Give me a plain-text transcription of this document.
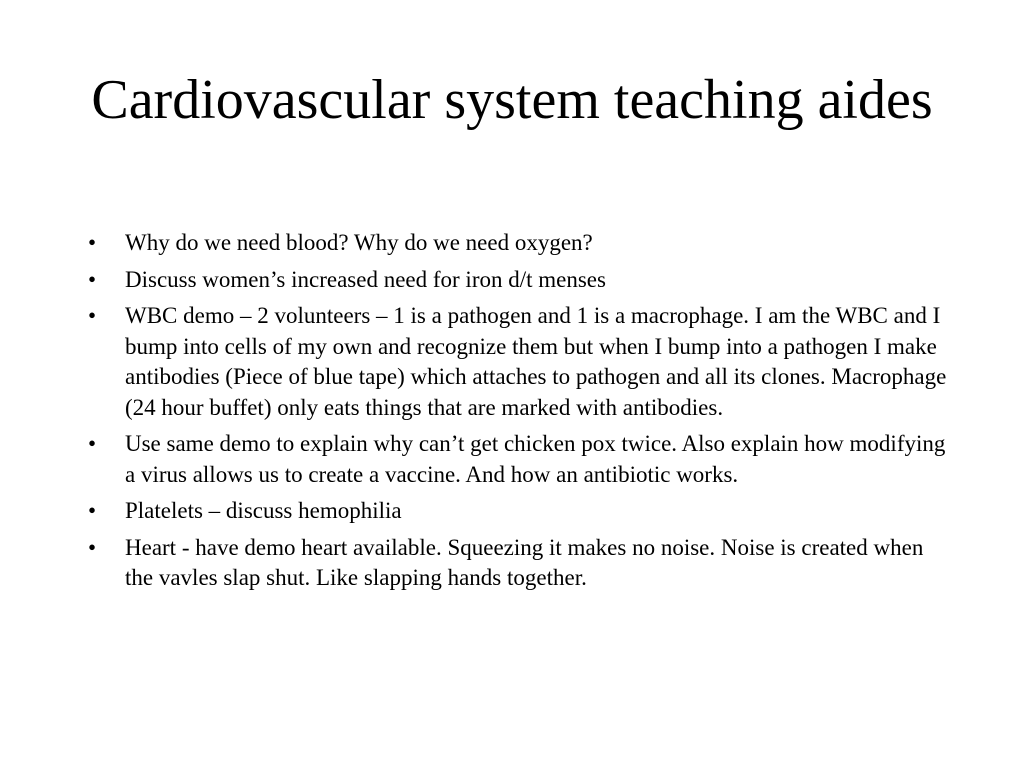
Cardiovascular system teaching aides
•	Why do we need blood? Why do we need oxygen?
•	Discuss women’s increased need for iron d/t menses
•	WBC demo – 2 volunteers – 1 is a pathogen and 1 is a macrophage. I am the WBC and I bump into cells of my own and recognize them but when I bump into a pathogen I make antibodies (Piece of blue tape) which attaches to pathogen and all its clones. Macrophage (24 hour buffet) only eats things that are marked with antibodies.
•	Use same demo to explain why can’t get chicken pox twice. Also explain how modifying a virus allows us to create a vaccine. And how an antibiotic works.
•	Platelets – discuss hemophilia
•	Heart - have demo heart available. Squeezing it makes no noise. Noise is created when the vavles slap shut. Like slapping hands together.
